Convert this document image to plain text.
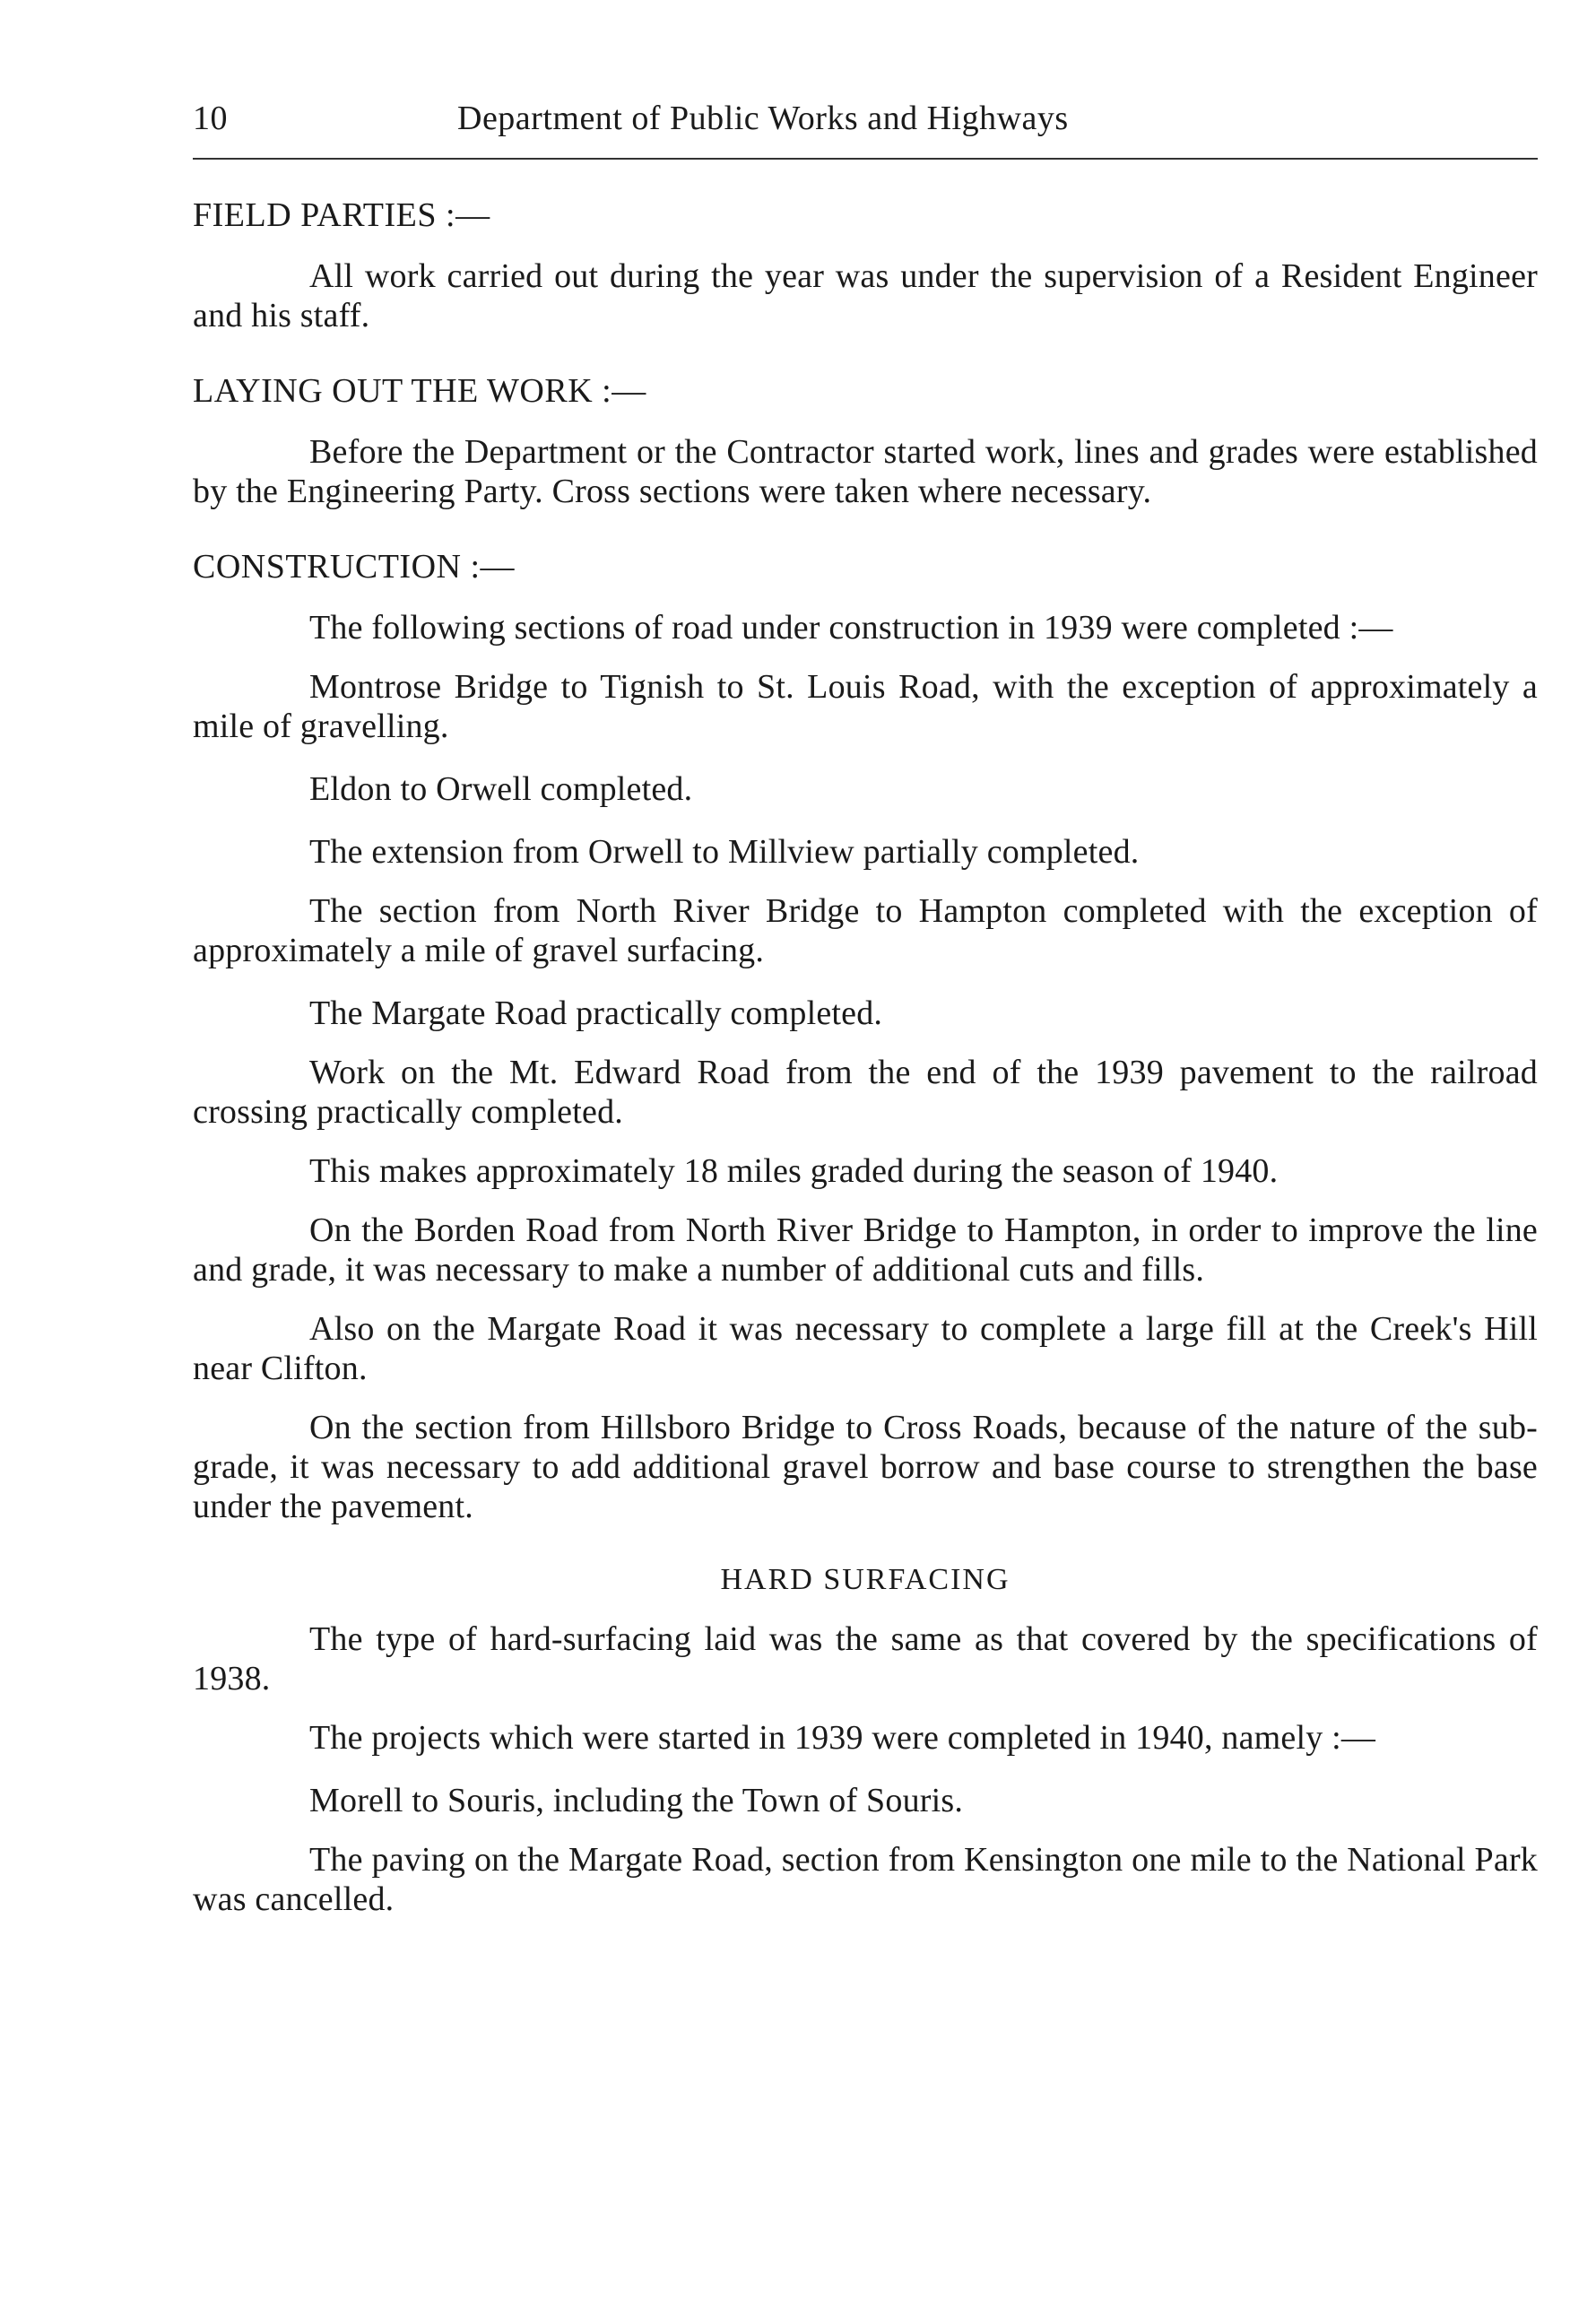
10	Department of Public Works and Highways
FIELD PARTIES :—

All work carried out during the year was under the supervision of a Resident Engineer and his staff.

LAYING OUT THE WORK :—

Before the Department or the Contractor started work, lines and grades were established by the Engineering Party. Cross sections were taken where necessary.

CONSTRUCTION :—

The following sections of road under construction in 1939 were completed :—

Montrose Bridge to Tignish to St. Louis Road, with the exception of approximately a mile of gravelling.

Eldon to Orwell completed.

The extension from Orwell to Millview partially completed.

The section from North River Bridge to Hampton completed with the exception of approximately a mile of gravel surfacing.

The Margate Road practically completed.

Work on the Mt. Edward Road from the end of the 1939 pavement to the railroad crossing practically completed.

This makes approximately 18 miles graded during the season of 1940.

On the Borden Road from North River Bridge to Hampton, in order to improve the line and grade, it was necessary to make a number of additional cuts and fills.

Also on the Margate Road it was necessary to complete a large fill at the Creek's Hill near Clifton.

On the section from Hillsboro Bridge to Cross Roads, because of the nature of the sub-grade, it was necessary to add additional gravel borrow and base course to strengthen the base under the pavement.

HARD SURFACING

The type of hard-surfacing laid was the same as that covered by the specifications of 1938.

The projects which were started in 1939 were completed in 1940, namely :—

Morell to Souris, including the Town of Souris.

The paving on the Margate Road, section from Kensington one mile to the National Park was cancelled.
